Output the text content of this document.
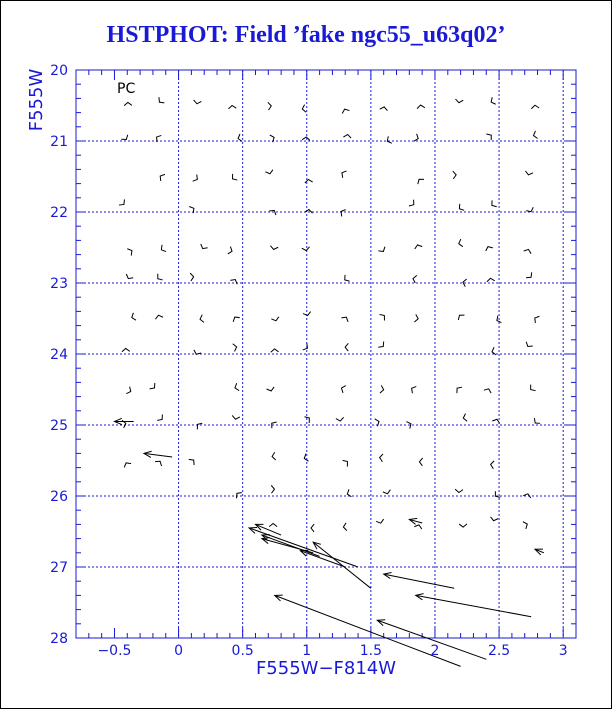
HSTPHOT: Field ’fake ngc55_u63q02’
−0.5	0	0.5	1	1.5	2	2.5	3
20
21
22
23
24
25
26
27
28
PC
F555W−F814W
F555W
